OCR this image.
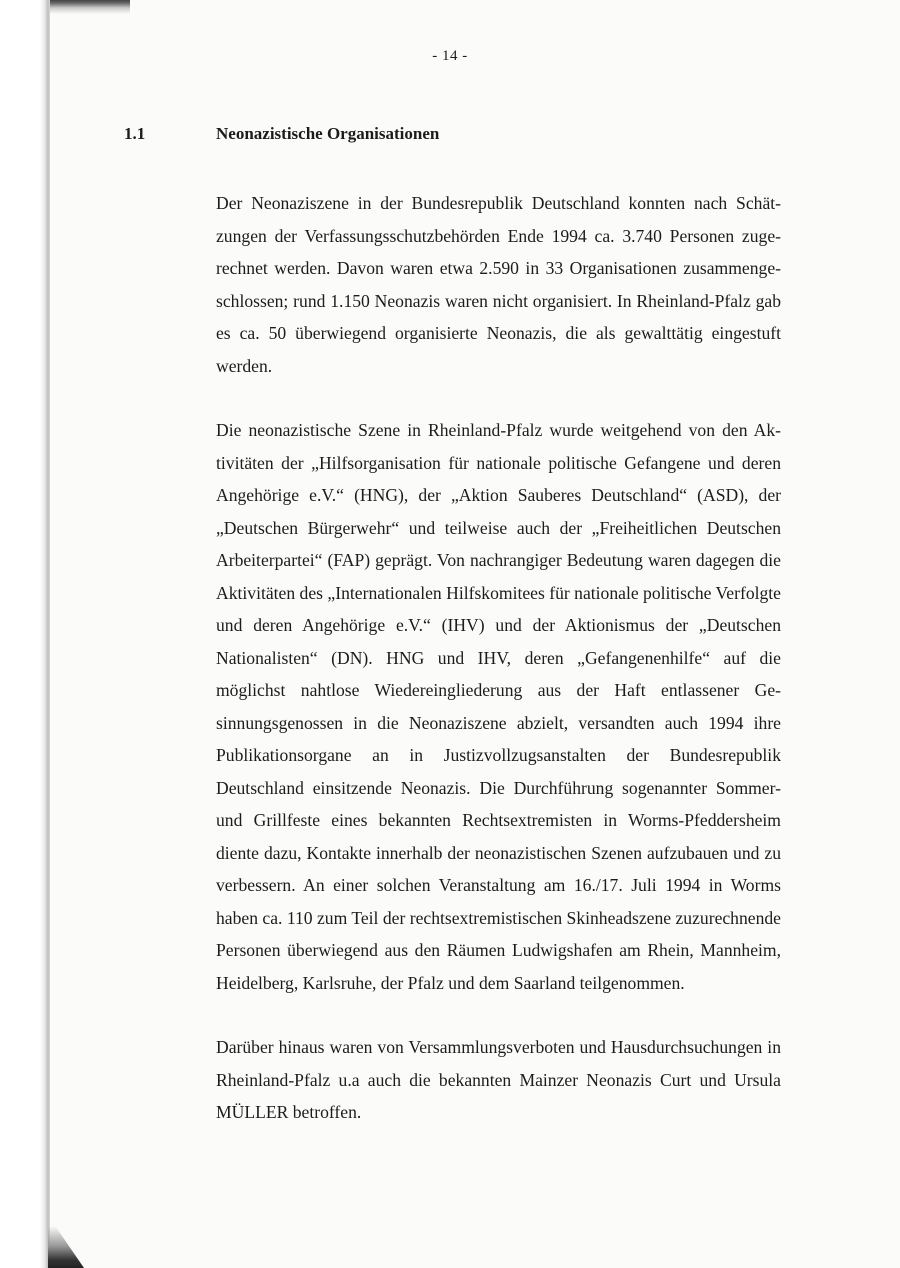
- 14 -
1.1	Neonazistische Organisationen

Der Neonaziszene in der Bundesrepublik Deutschland konnten nach Schätzungen der Verfassungsschutzbehörden Ende 1994 ca. 3.740 Personen zugerechnet werden. Davon waren etwa 2.590 in 33 Organisationen zusammengeschlossen; rund 1.150 Neonazis waren nicht organisiert. In Rheinland-Pfalz gab es ca. 50 überwiegend organisierte Neonazis, die als gewalttätig eingestuft werden.

Die neonazistische Szene in Rheinland-Pfalz wurde weitgehend von den Aktivitäten der „Hilfsorganisation für nationale politische Gefangene und deren Angehörige e.V.“ (HNG), der „Aktion Sauberes Deutschland“ (ASD), der „Deutschen Bürgerwehr“ und teilweise auch der „Freiheitlichen Deutschen Arbeiterpartei“ (FAP) geprägt. Von nachrangiger Bedeutung waren dagegen die Aktivitäten des „Internationalen Hilfskomitees für nationale politische Verfolgte und deren Angehörige e.V.“ (IHV) und der Aktionismus der „Deutschen Nationalisten“ (DN). HNG und IHV, deren „Gefangenenhilfe“ auf die möglichst nahtlose Wiedereingliederung aus der Haft entlassener Gesinnungsgenossen in die Neonaziszene abzielt, versandten auch 1994 ihre Publikationsorgane an in Justizvollzugsanstalten der Bundesrepublik Deutschland einsitzende Neonazis. Die Durchführung sogenannter Sommer- und Grillfeste eines bekannten Rechtsextremisten in Worms-Pfeddersheim diente dazu, Kontakte innerhalb der neonazistischen Szenen aufzubauen und zu verbessern. An einer solchen Veranstaltung am 16./17. Juli 1994 in Worms haben ca. 110 zum Teil der rechtsextremistischen Skinheadszene zuzurechnende Personen überwiegend aus den Räumen Ludwigshafen am Rhein, Mannheim, Heidelberg, Karlsruhe, der Pfalz und dem Saarland teilgenommen.

Darüber hinaus waren von Versammlungsverboten und Hausdurchsuchungen in Rheinland-Pfalz u.a auch die bekannten Mainzer Neonazis Curt und Ursula MÜLLER betroffen.
